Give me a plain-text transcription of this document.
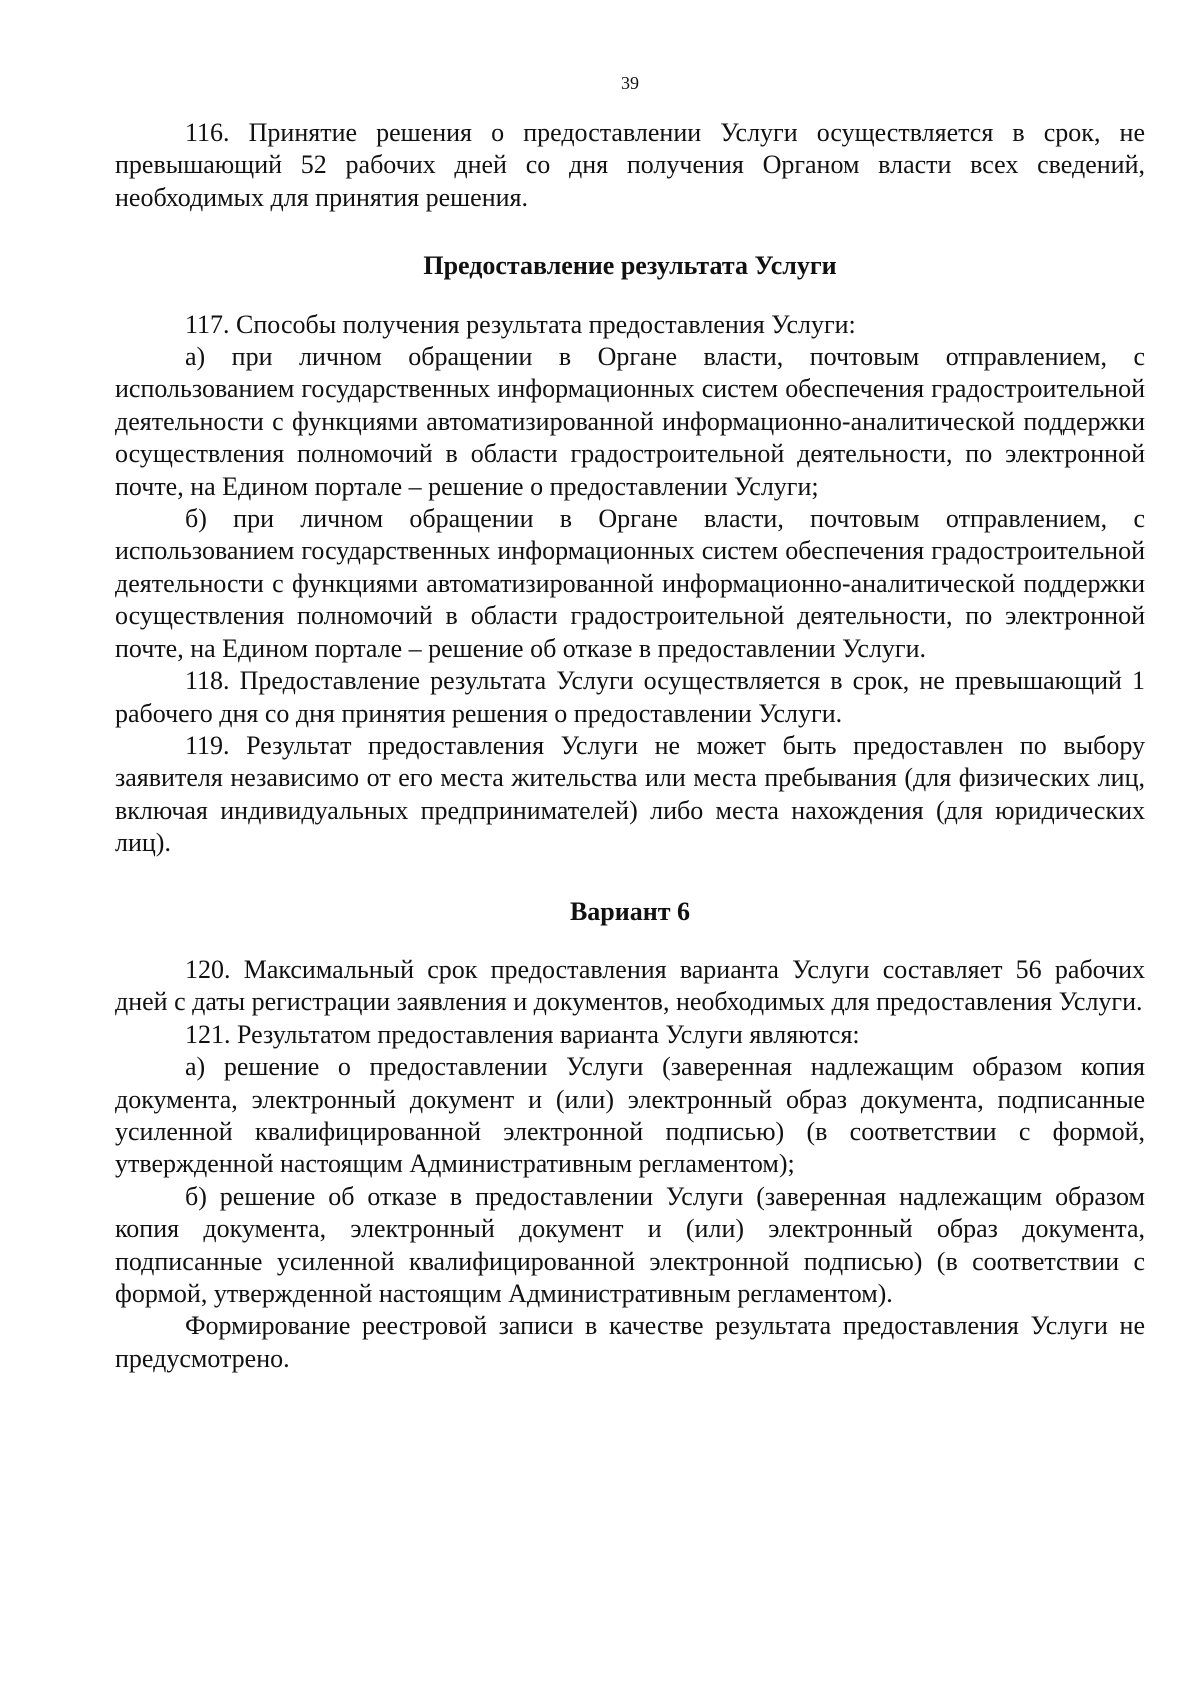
39

116. Принятие решения о предоставлении Услуги осуществляется в срок, не превышающий 52 рабочих дней со дня получения Органом власти всех сведений, необходимых для принятия решения.

Предоставление результата Услуги

117. Способы получения результата предоставления Услуги:

а) при личном обращении в Органе власти, почтовым отправлением, с использованием государственных информационных систем обеспечения градостроительной деятельности с функциями автоматизированной информационно-аналитической поддержки осуществления полномочий в области градостроительной деятельности, по электронной почте, на Едином портале – решение о предоставлении Услуги;

б) при личном обращении в Органе власти, почтовым отправлением, с использованием государственных информационных систем обеспечения градостроительной деятельности с функциями автоматизированной информационно-аналитической поддержки осуществления полномочий в области градостроительной деятельности, по электронной почте, на Едином портале – решение об отказе в предоставлении Услуги.

118. Предоставление результата Услуги осуществляется в срок, не превышающий 1 рабочего дня со дня принятия решения о предоставлении Услуги.

119. Результат предоставления Услуги не может быть предоставлен по выбору заявителя независимо от его места жительства или места пребывания (для физических лиц, включая индивидуальных предпринимателей) либо места нахождения (для юридических лиц).

Вариант 6

120. Максимальный срок предоставления варианта Услуги составляет 56 рабочих дней с даты регистрации заявления и документов, необходимых для предоставления Услуги.

121. Результатом предоставления варианта Услуги являются:

а) решение о предоставлении Услуги (заверенная надлежащим образом копия документа, электронный документ и (или) электронный образ документа, подписанные усиленной квалифицированной электронной подписью) (в соответствии с формой, утвержденной настоящим Административным регламентом);

б) решение об отказе в предоставлении Услуги (заверенная надлежащим образом копия документа, электронный документ и (или) электронный образ документа, подписанные усиленной квалифицированной электронной подписью) (в соответствии с формой, утвержденной настоящим Административным регламентом).

Формирование реестровой записи в качестве результата предоставления Услуги не предусмотрено.
